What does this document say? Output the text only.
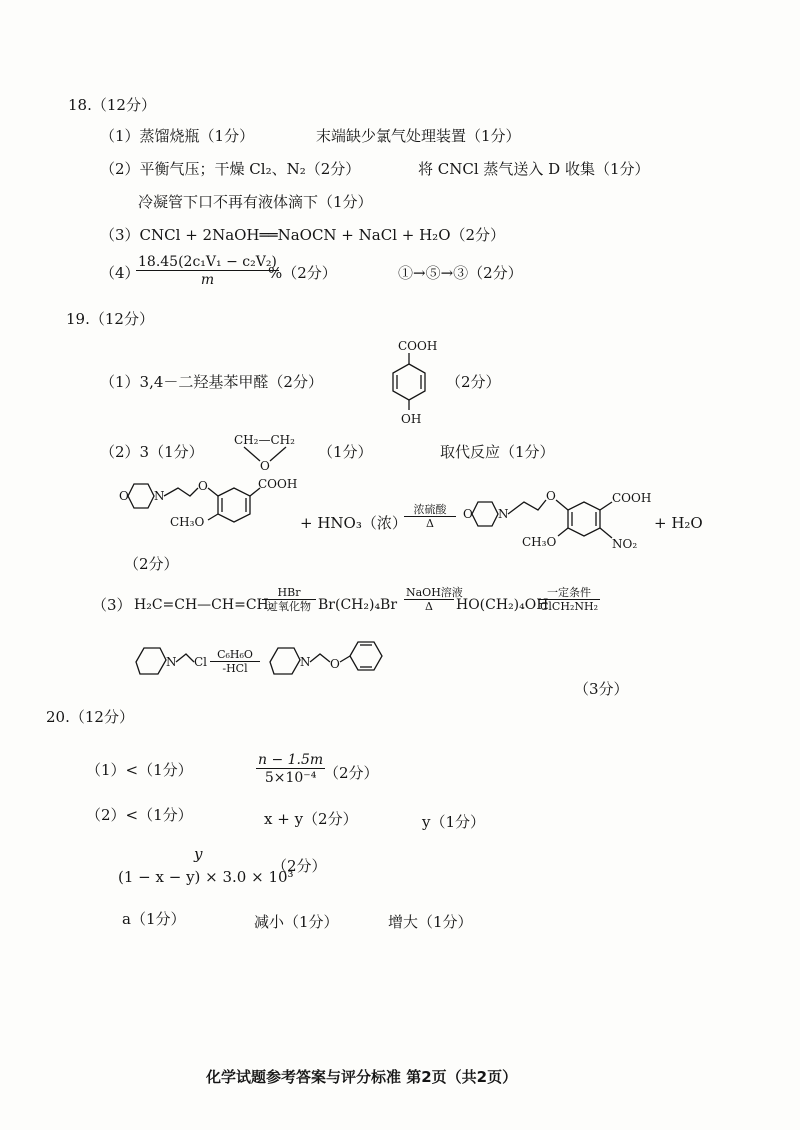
18.（12分）
（1）蒸馏烧瓶（1分）	末端缺少氯气处理装置（1分）
（2）平衡气压；干燥 Cl₂、N₂（2分）	将 CNCl 蒸气送入 D 收集（1分）
冷凝管下口不再有液体滴下（1分）
（3）CNCl + 2NaOH══NaOCN + NaCl + H₂O（2分）
（4）
$\frac{\text{18.45(2c₁V₁ − c₂V₂)}}{m}$
%（2分）	①→⑤→③（2分）
19.（12分）
（1）3,4－二羟基苯甲醛（2分）
COOH
OH
（2分）
（2）3（1分）
CH₂—CH₂
O
（1分）	取代反应（1分）
O N
O	COOH
CH₃O	+ HNO₃（浓）
浓硫酸
Δ
O N
O	COOH
NO₂
CH₃O
+ H₂O
（2分）
（3） H₂C=CH—CH=CH₂
HBr
过氧化物 Br(CH₂)₄Br
NaOH溶液
Δ	HO(CH₂)₄OH
一定条件
ClCH₂NH₂
N Cl
C₆H₆O
-HCl	N O
（3分）
20.（12分）
（1）<（1分）	$\frac{n - 1.5m}{\text{5×10⁻⁴}}$
（2分）
（2）<（1分）	x + y（2分）	y（1分）
y
(1 − x − y) × 3.0 × 10³
（2分）
a（1分）	减小（1分）	增大（1分）
化学试题参考答案与评分标准 第2页（共2页）
